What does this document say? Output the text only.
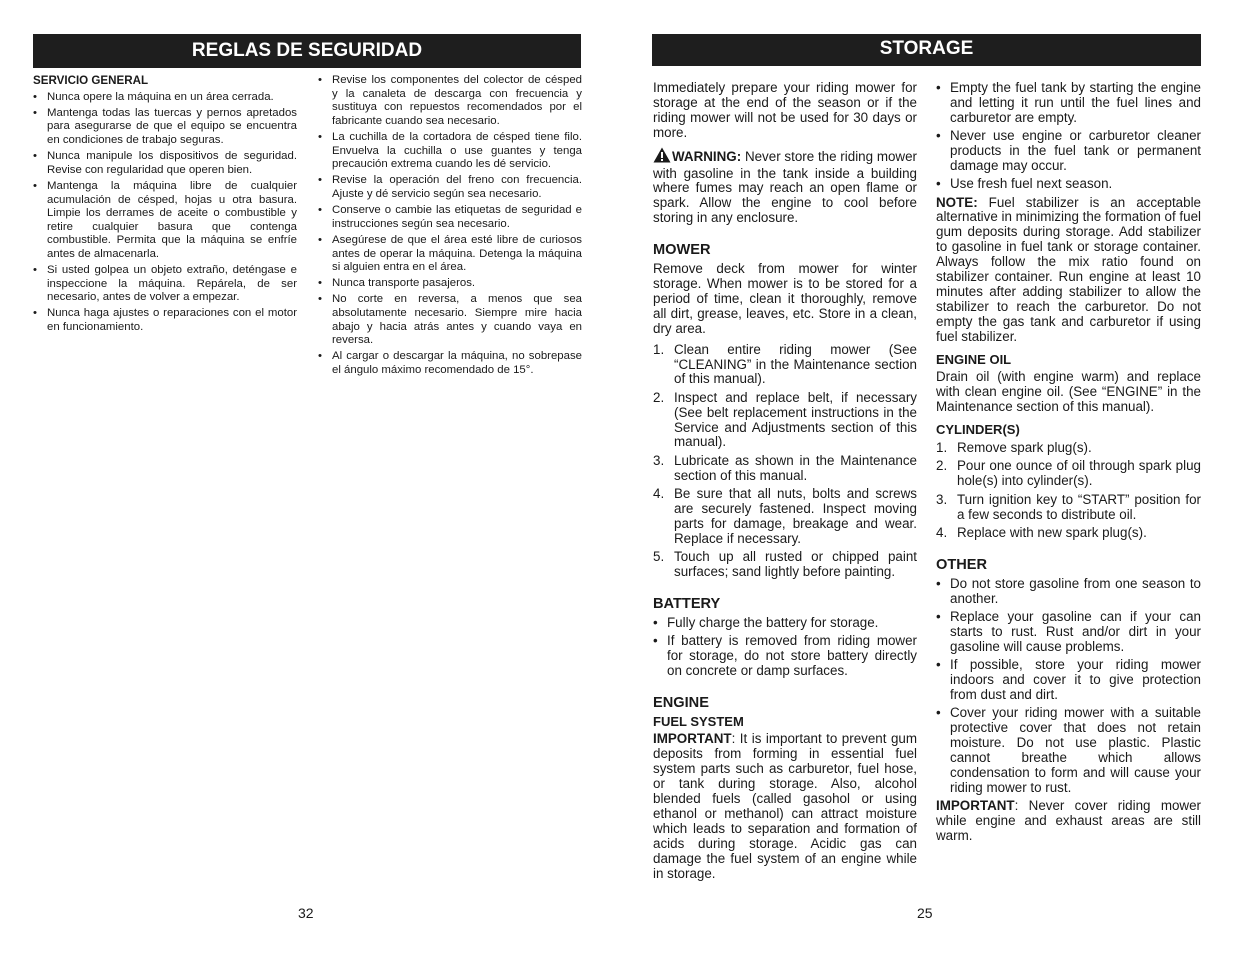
REGLAS DE SEGURIDAD
SERVICIO GENERAL
• Nunca opere la máquina en un área cerrada.
• Mantenga todas las tuercas y pernos apretados para asegurarse de que el equipo se encuentra en condiciones de trabajo seguras.
• Nunca manipule los dispositivos de seguridad. Revise con regularidad que operen bien.
• Mantenga la máquina libre de cualquier acumulación de césped, hojas u otra basura. Limpie los derrames de aceite o combustible y retire cualquier basura que contenga combustible. Permita que la máquina se enfríe antes de almacenarla.
• Si usted golpea un objeto extraño, deténgase e inspeccione la máquina. Repárela, de ser necesario, antes de volver a empezar.
• Nunca haga ajustes o reparaciones con el motor en funcionamiento.
• Revise los componentes del colector de césped y la canaleta de descarga con frecuencia y sustituya con repuestos recomendados por el fabricante cuando sea necesario.
• La cuchilla de la cortadora de césped tiene filo. Envuelva la cuchilla o use guantes y tenga precaución extrema cuando les dé servicio.
• Revise la operación del freno con frecuencia. Ajuste y dé servicio según sea necesario.
• Conserve o cambie las etiquetas de seguridad e instrucciones según sea necesario.
• Asegúrese de que el área esté libre de curiosos antes de operar la máquina. Detenga la máquina si alguien entra en el área.
• Nunca transporte pasajeros.
• No corte en reversa, a menos que sea absolutamente necesario. Siempre mire hacia abajo y hacia atrás antes y cuando vaya en reversa.
• Al cargar o descargar la máquina, no sobrepase el ángulo máximo recomendado de 15°.
32
STORAGE

Immediately prepare your riding mower for storage at the end of the season or if the riding mower will not be used for 30 days or more.

WARNING: Never store the riding mower with gasoline in the tank inside a building where fumes may reach an open flame or spark. Allow the engine to cool before storing in any enclosure.

MOWER

Remove deck from mower for winter storage. When mower is to be stored for a period of time, clean it thoroughly, remove all dirt, grease, leaves, etc. Store in a clean, dry area.

1. Clean entire riding mower (See “CLEANING” in the Maintenance section of this manual).
2. Inspect and replace belt, if necessary (See belt replacement instructions in the Service and Adjustments section of this manual).
3. Lubricate as shown in the Maintenance section of this manual.
4. Be sure that all nuts, bolts and screws are securely fastened. Inspect moving parts for damage, breakage and wear. Replace if necessary.
5. Touch up all rusted or chipped paint surfaces; sand lightly before painting.
BATTERY
• Fully charge the battery for storage.
• If battery is removed from riding mower for storage, do not store battery directly on concrete or damp surfaces.
ENGINE
FUEL SYSTEM

IMPORTANT: It is important to prevent gum deposits from forming in essential fuel system parts such as carburetor, fuel hose, or tank during storage. Also, alcohol blended fuels (called gasohol or using ethanol or methanol) can attract moisture which leads to separation and formation of acids during storage. Acidic gas can damage the fuel system of an engine while in storage.

• Empty the fuel tank by starting the engine and letting it run until the fuel lines and carburetor are empty.
• Never use engine or carburetor cleaner products in the fuel tank or permanent damage may occur.
• Use fresh fuel next season.

NOTE: Fuel stabilizer is an acceptable alternative in minimizing the formation of fuel gum deposits during storage. Add stabilizer to gasoline in fuel tank or storage container. Always follow the mix ratio found on stabilizer container. Run engine at least 10 minutes after adding stabilizer to allow the stabilizer to reach the carburetor. Do not empty the gas tank and carburetor if using fuel stabilizer.

ENGINE OIL

Drain oil (with engine warm) and replace with clean engine oil. (See “ENGINE” in the Maintenance section of this manual).

CYLINDER(S)
1. Remove spark plug(s).
2. Pour one ounce of oil through spark plug hole(s) into cylinder(s).
3. Turn ignition key to “START” position for a few seconds to distribute oil.
4. Replace with new spark plug(s).
OTHER
• Do not store gasoline from one season to another.
• Replace your gasoline can if your can starts to rust. Rust and/or dirt in your gasoline will cause problems.
• If possible, store your riding mower indoors and cover it to give protection from dust and dirt.
• Cover your riding mower with a suitable protective cover that does not retain moisture. Do not use plastic. Plastic cannot breathe which allows condensation to form and will cause your riding mower to rust.

IMPORTANT: Never cover riding mower while engine and exhaust areas are still warm.

25
